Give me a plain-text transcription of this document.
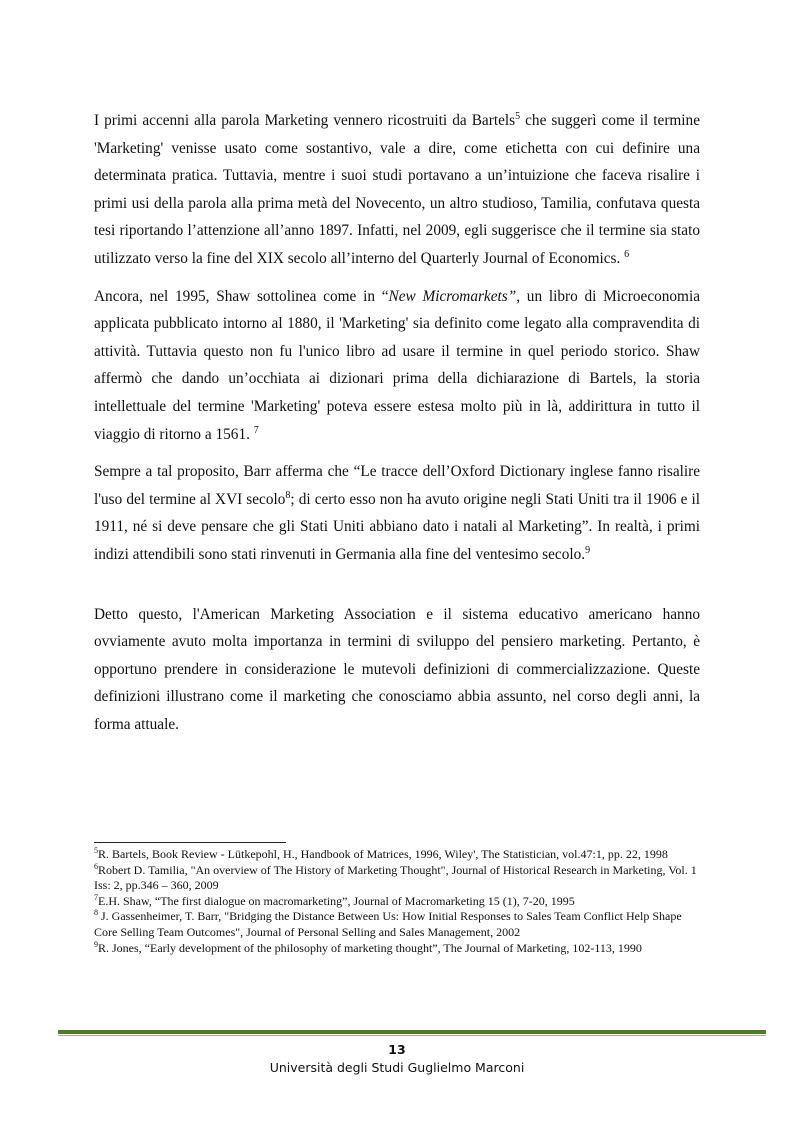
I primi accenni alla parola Marketing vennero ricostruiti da Bartels$^5$ che suggerì come il termine 'Marketing' venisse usato come sostantivo, vale a dire, come etichetta con cui definire una determinata pratica. Tuttavia, mentre i suoi studi portavano a un’intuizione che faceva risalire i primi usi della parola alla prima metà del Novecento, un altro studioso, Tamilia, confutava questa tesi riportando l’attenzione all’anno 1897. Infatti, nel 2009, egli suggerisce che il termine sia stato utilizzato verso la fine del XIX secolo all’interno del Quarterly Journal of Economics. $^6$

Ancora, nel 1995, Shaw sottolinea come in “New Micromarkets”, un libro di Microeconomia applicata pubblicato intorno al 1880, il 'Marketing' sia definito come legato alla compravendita di attività. Tuttavia questo non fu l'unico libro ad usare il termine in quel periodo storico. Shaw affermò che dando un’occhiata ai dizionari prima della dichiarazione di Bartels, la storia intellettuale del termine 'Marketing' poteva essere estesa molto più in là, addirittura in tutto il viaggio di ritorno a 1561. $^7$

Sempre a tal proposito, Barr afferma che “Le tracce dell’Oxford Dictionary inglese fanno risalire l'uso del termine al XVI secolo$^8$; di certo esso non ha avuto origine negli Stati Uniti tra il 1906 e il 1911, né si deve pensare che gli Stati Uniti abbiano dato i natali al Marketing”. In realtà, i primi indizi attendibili sono stati rinvenuti in Germania alla fine del ventesimo secolo.$^9$

Detto questo, l'American Marketing Association e il sistema educativo americano hanno ovviamente avuto molta importanza in termini di sviluppo del pensiero marketing. Pertanto, è opportuno prendere in considerazione le mutevoli definizioni di commercializzazione. Queste definizioni illustrano come il marketing che conosciamo abbia assunto, nel corso degli anni, la forma attuale.

$^5$R. Bartels, Book Review - Lütkepohl, H., Handbook of Matrices, 1996, Wiley', The Statistician, vol.47:1, pp. 22, 1998

$^6$Robert D. Tamilia, "An overview of The History of Marketing Thought", Journal of Historical Research in Marketing, Vol. 1 Iss: 2, pp.346 – 360, 2009

$^7$E.H. Shaw, “The first dialogue on macromarketing”, Journal of Macromarketing 15 (1), 7-20, 1995

$^8$ J. Gassenheimer, T. Barr, "Bridging the Distance Between Us: How Initial Responses to Sales Team Conflict Help Shape Core Selling Team Outcomes", Journal of Personal Selling and Sales Management, 2002

$^9$R. Jones, “Early development of the philosophy of marketing thought”, The Journal of Marketing, 102-113, 1990

13
Università degli Studi Guglielmo Marconi
